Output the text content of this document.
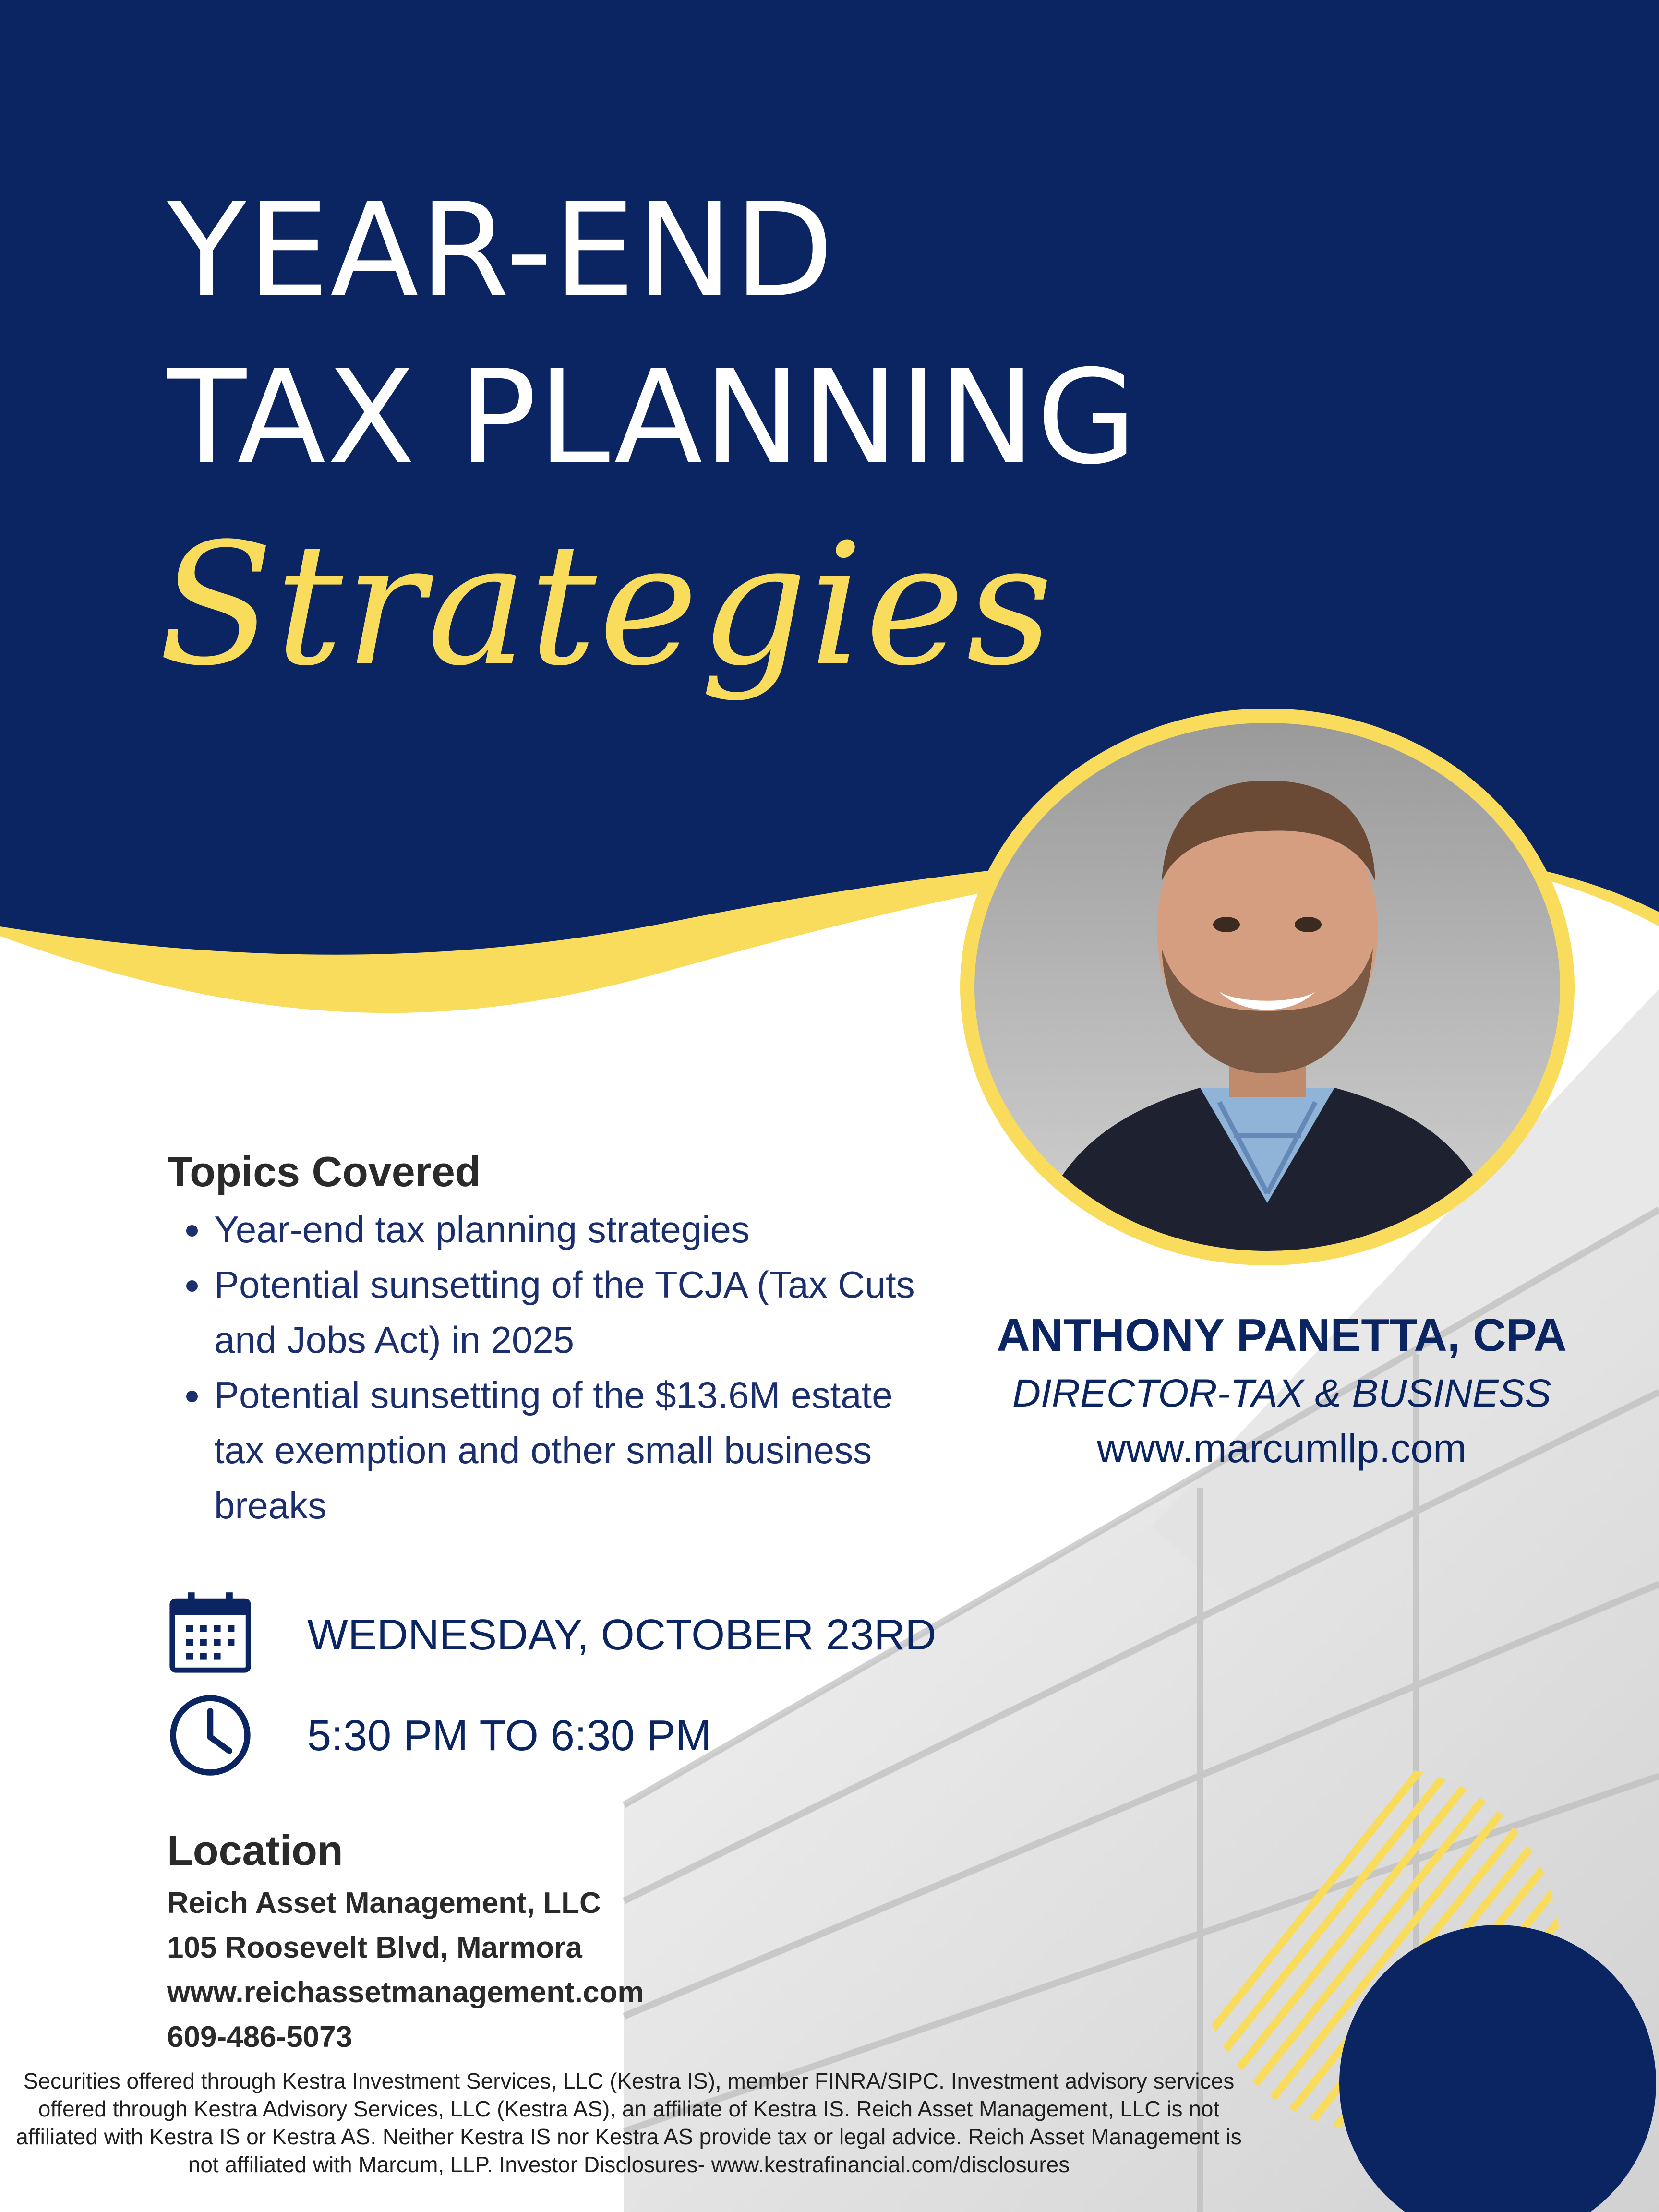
YEAR-END
TAX PLANNING
Strategies
Topics Covered
Year-end tax planning strategies
Potential sunsetting of the TCJA (Tax Cuts and Jobs Act) in 2025
Potential sunsetting of the $13.6M estate tax exemption and other small business breaks
ANTHONY PANETTA, CPA
DIRECTOR-TAX & BUSINESS
www.marcumllp.com
WEDNESDAY, OCTOBER 23RD
5:30 PM TO 6:30 PM
Location
Reich Asset Management, LLC
105 Roosevelt Blvd, Marmora
www.reichassetmanagement.com
609-486-5073
Securities offered through Kestra Investment Services, LLC (Kestra IS), member FINRA/SIPC. Investment advisory services offered through Kestra Advisory Services, LLC (Kestra AS), an affiliate of Kestra IS. Reich Asset Management, LLC is not affiliated with Kestra IS or Kestra AS. Neither Kestra IS nor Kestra AS provide tax or legal advice. Reich Asset Management is not affiliated with Marcum, LLP. Investor Disclosures- www.kestrafinancial.com/disclosures
